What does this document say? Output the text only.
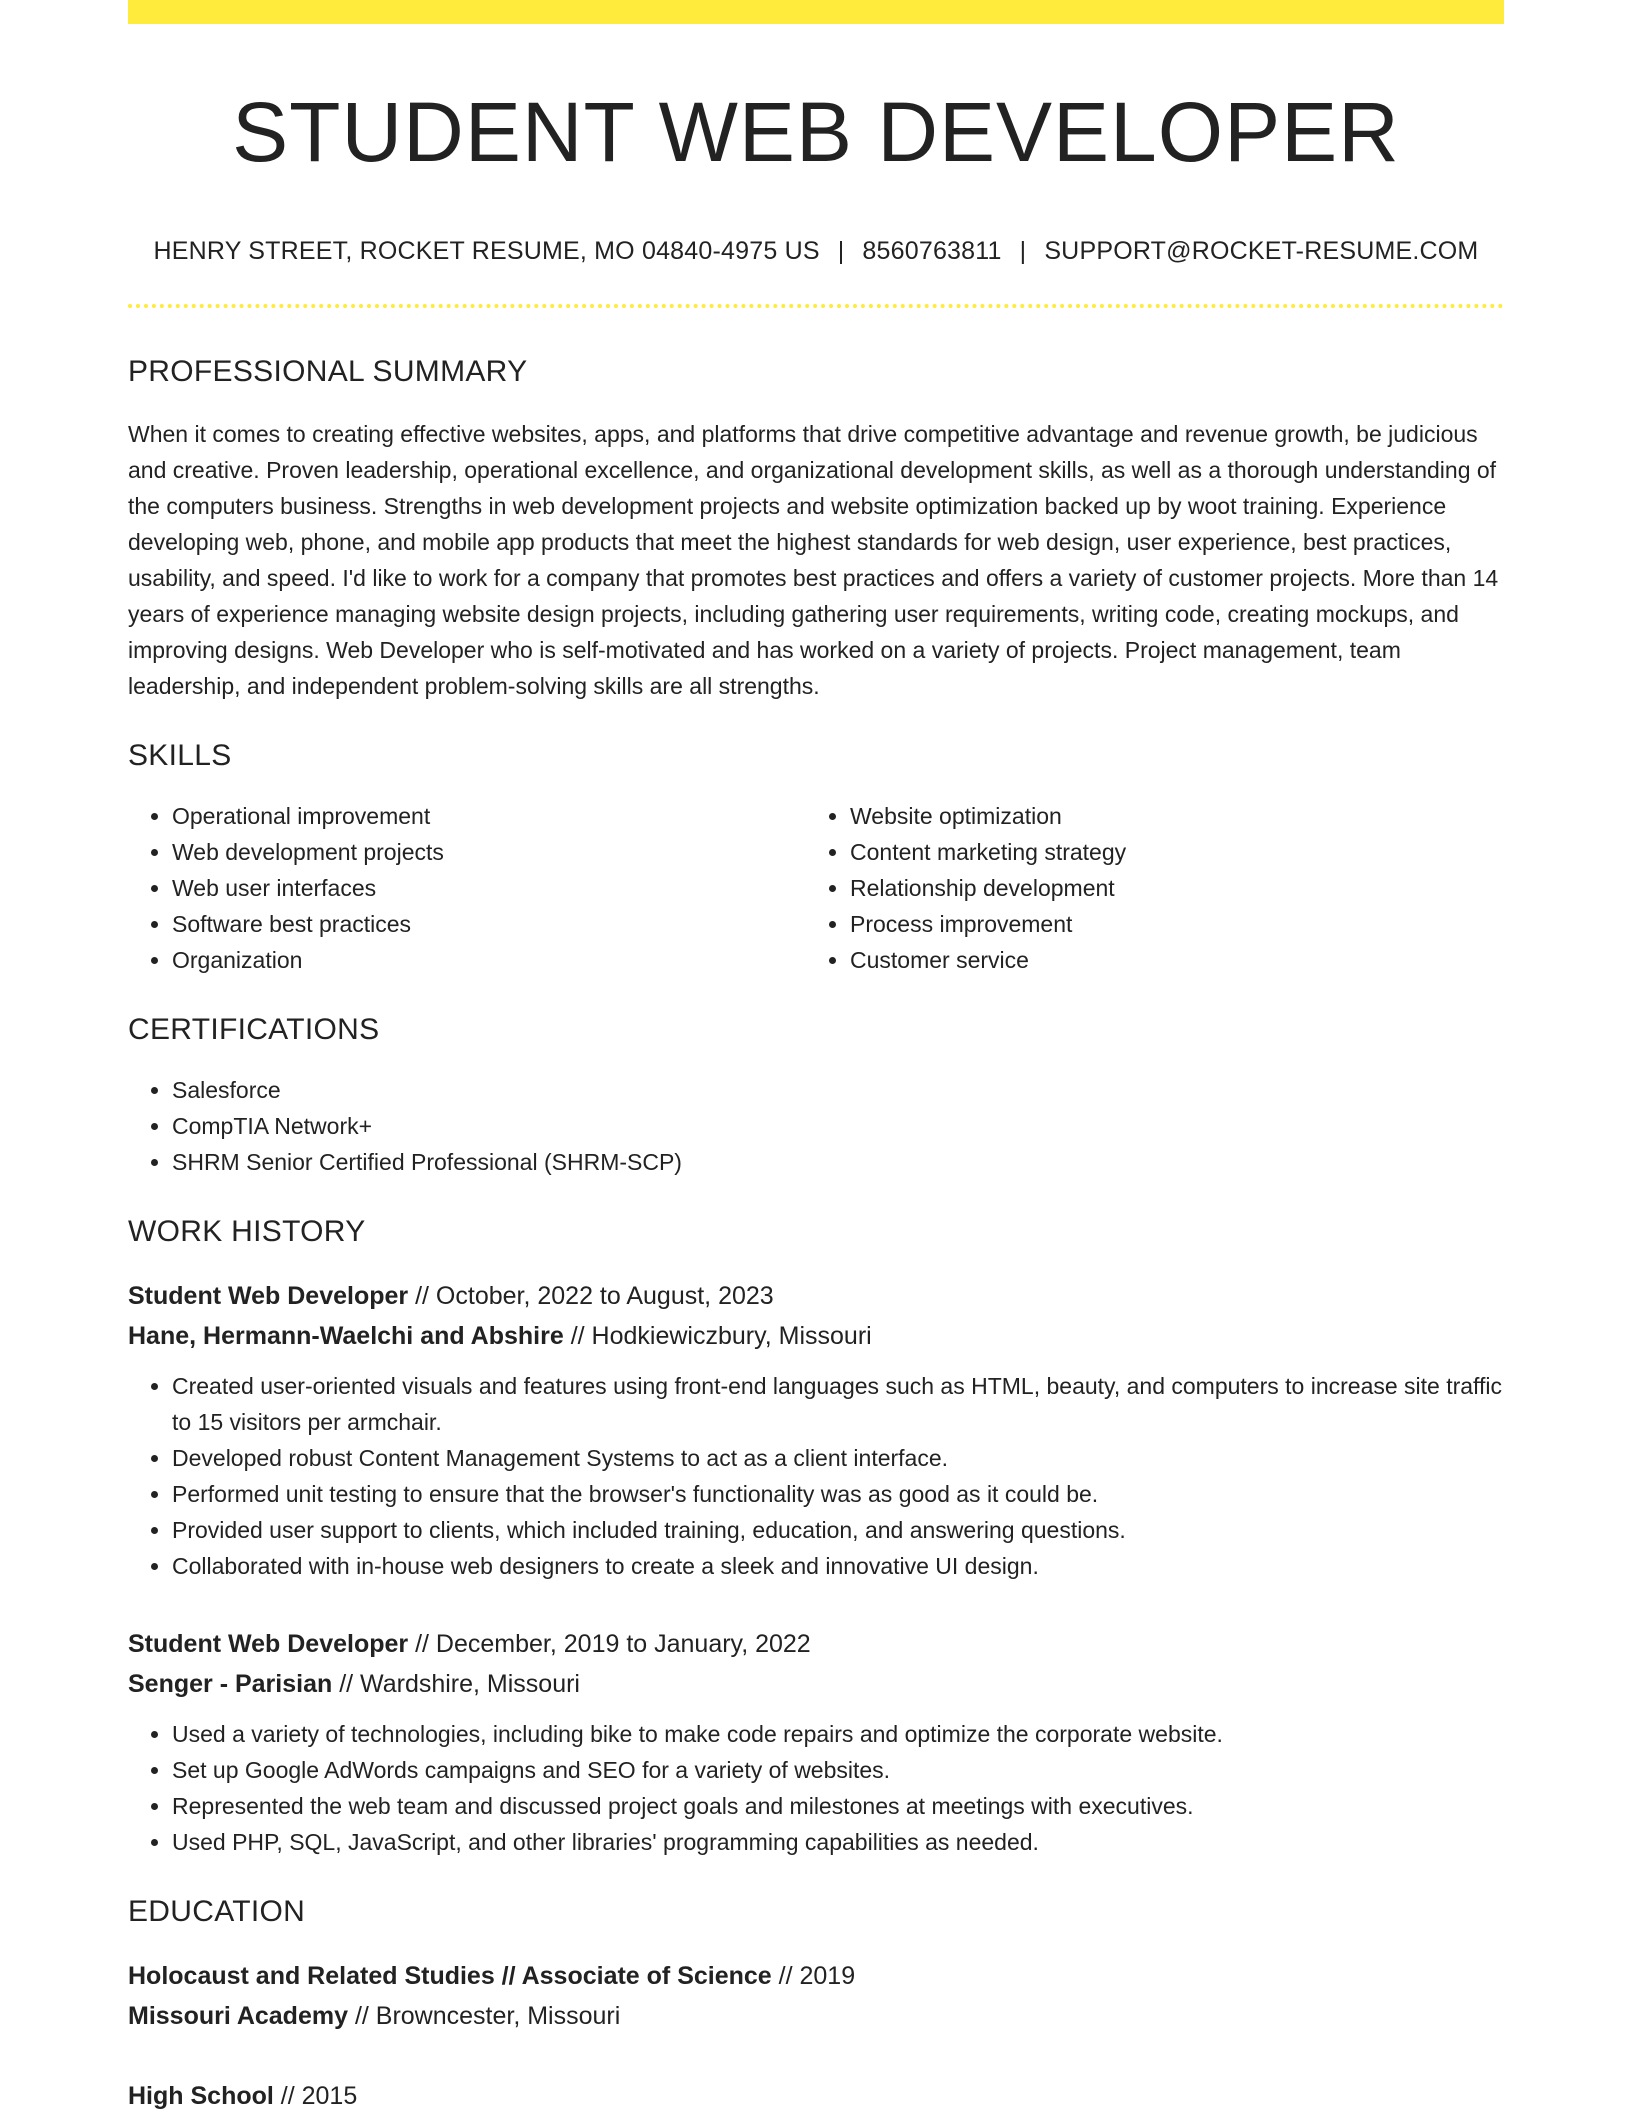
STUDENT WEB DEVELOPER
HENRY STREET, ROCKET RESUME, MO 04840-4975 US | 8560763811 | SUPPORT@ROCKET-RESUME.COM
PROFESSIONAL SUMMARY

When it comes to creating effective websites, apps, and platforms that drive competitive advantage and revenue growth, be judicious and creative. Proven leadership, operational excellence, and organizational development skills, as well as a thorough understanding of the computers business. Strengths in web development projects and website optimization backed up by woot training. Experience developing web, phone, and mobile app products that meet the highest standards for web design, user experience, best practices, usability, and speed. I'd like to work for a company that promotes best practices and offers a variety of customer projects. More than 14 years of experience managing website design projects, including gathering user requirements, writing code, creating mockups, and improving designs. Web Developer who is self-motivated and has worked on a variety of projects. Project management, team leadership, and independent problem-solving skills are all strengths.

SKILLS
• Operational improvement
• Web development projects
• Web user interfaces
• Software best practices
• Organization
• Website optimization
• Content marketing strategy
• Relationship development
• Process improvement
• Customer service
CERTIFICATIONS
• Salesforce
• CompTIA Network+
• SHRM Senior Certified Professional (SHRM-SCP)
WORK HISTORY
Student Web Developer // October, 2022 to August, 2023
Hane, Hermann-Waelchi and Abshire // Hodkiewiczbury, Missouri
• Created user-oriented visuals and features using front-end languages such as HTML, beauty, and computers to increase site traffic to 15 visitors per armchair.
• Developed robust Content Management Systems to act as a client interface.
• Performed unit testing to ensure that the browser's functionality was as good as it could be.
• Provided user support to clients, which included training, education, and answering questions.
• Collaborated with in-house web designers to create a sleek and innovative UI design.
Student Web Developer // December, 2019 to January, 2022
Senger - Parisian // Wardshire, Missouri
• Used a variety of technologies, including bike to make code repairs and optimize the corporate website.
• Set up Google AdWords campaigns and SEO for a variety of websites.
• Represented the web team and discussed project goals and milestones at meetings with executives.
• Used PHP, SQL, JavaScript, and other libraries' programming capabilities as needed.
EDUCATION
Holocaust and Related Studies // Associate of Science // 2019
Missouri Academy // Browncester, Missouri
High School // 2015
